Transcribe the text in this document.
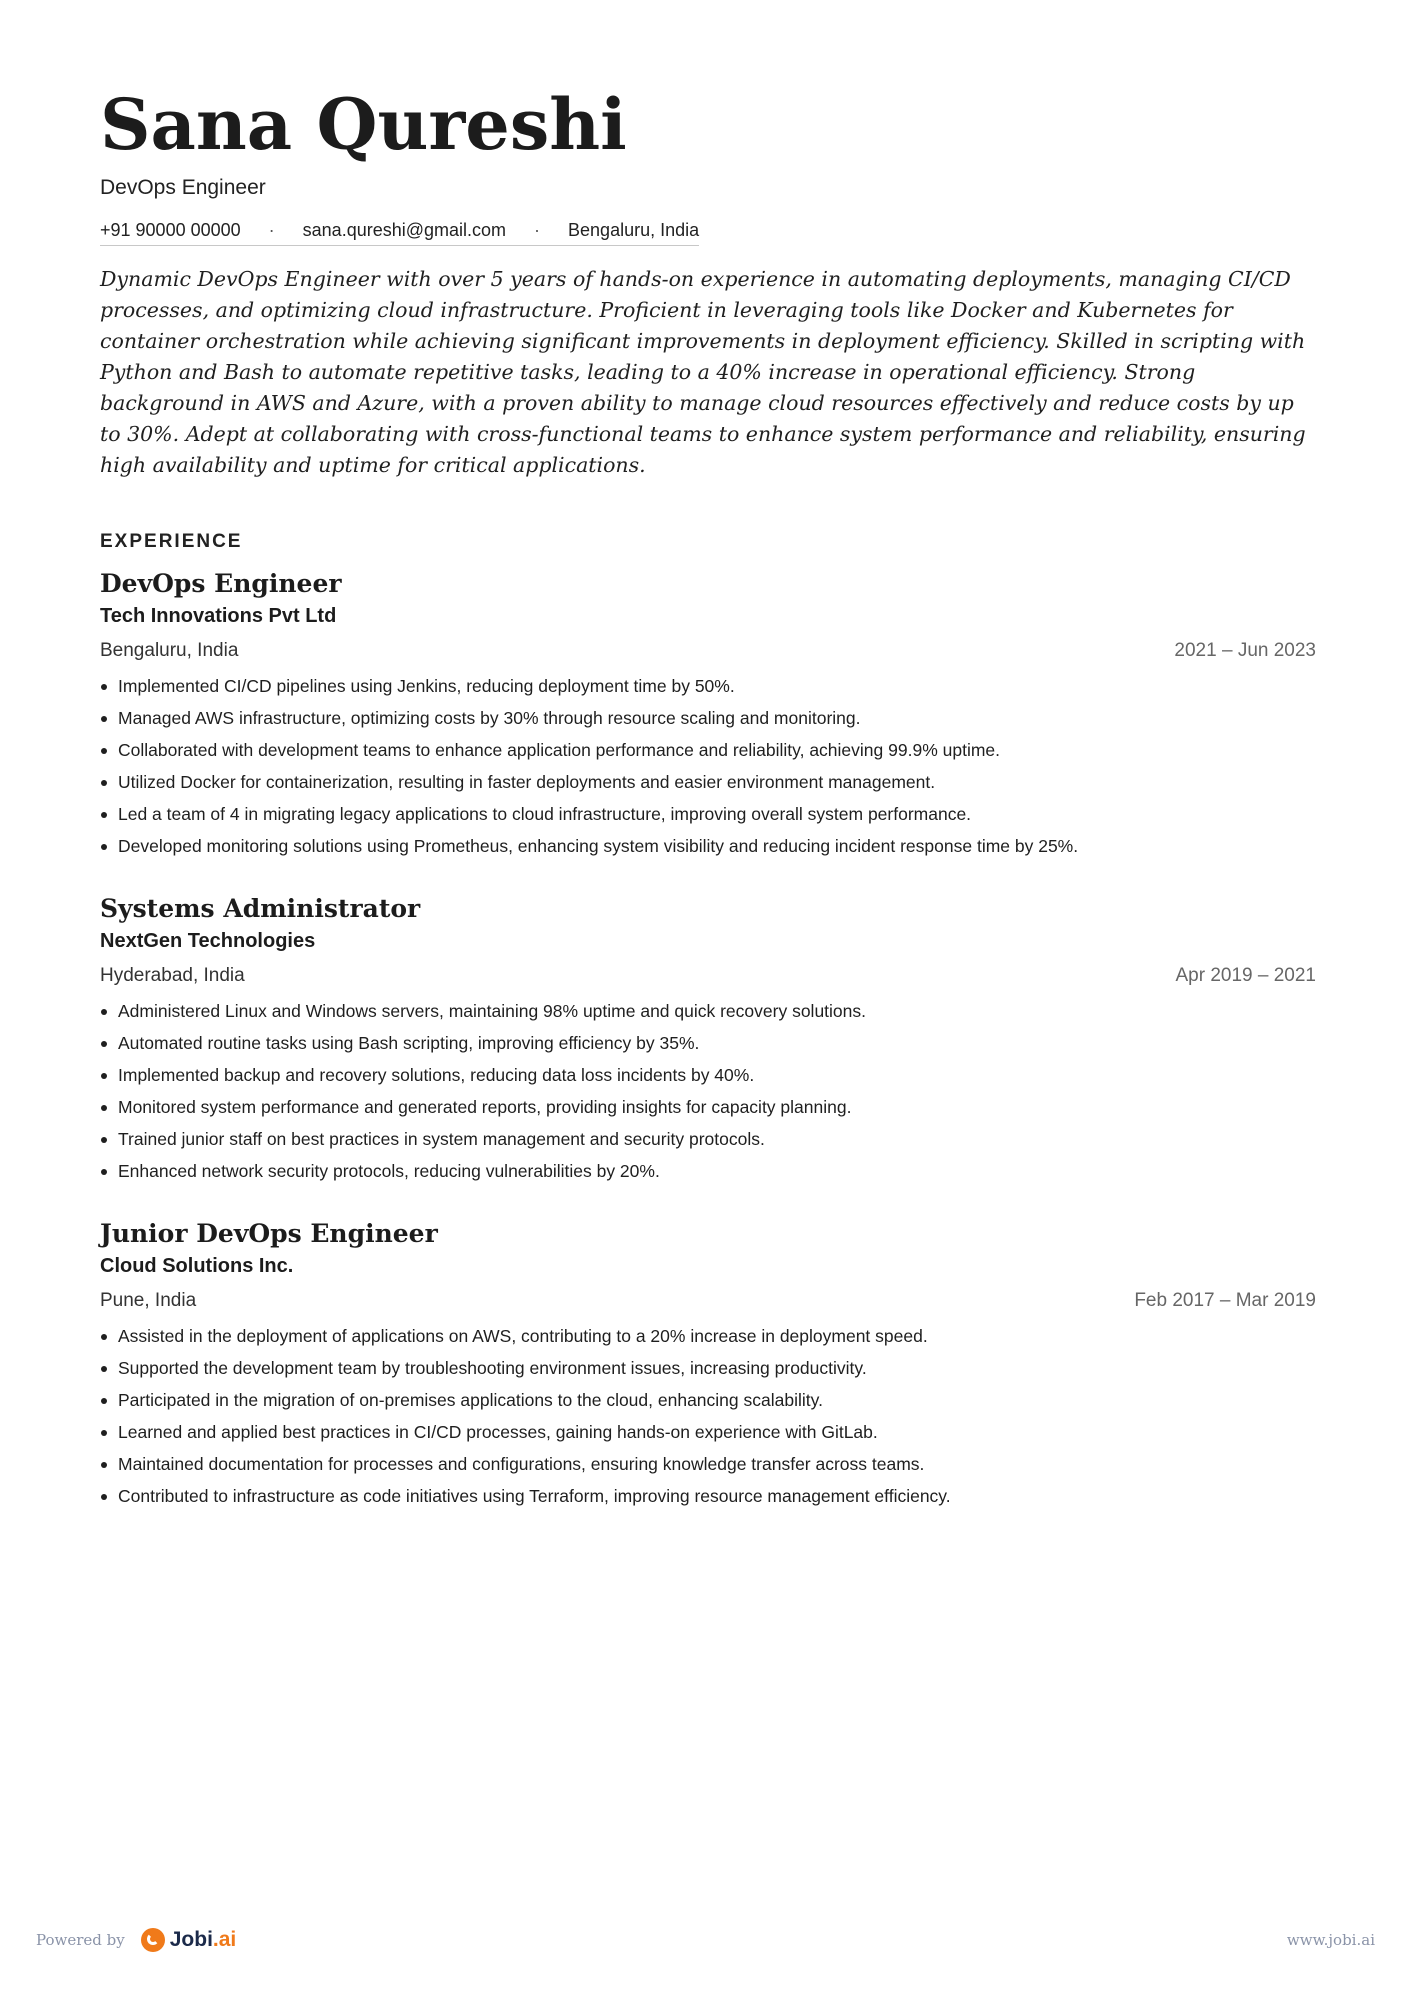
Sana Qureshi
DevOps Engineer
+91 90000 00000 · sana.qureshi@gmail.com · Bengaluru, India
Dynamic DevOps Engineer with over 5 years of hands-on experience in automating deployments, managing CI/CD processes, and optimizing cloud infrastructure. Proficient in leveraging tools like Docker and Kubernetes for container orchestration while achieving significant improvements in deployment efficiency. Skilled in scripting with Python and Bash to automate repetitive tasks, leading to a 40% increase in operational efficiency. Strong background in AWS and Azure, with a proven ability to manage cloud resources effectively and reduce costs by up to 30%. Adept at collaborating with cross-functional teams to enhance system performance and reliability, ensuring high availability and uptime for critical applications.
EXPERIENCE
DevOps Engineer
Tech Innovations Pvt Ltd
Bengaluru, India	2021 – Jun 2023
Implemented CI/CD pipelines using Jenkins, reducing deployment time by 50%.
Managed AWS infrastructure, optimizing costs by 30% through resource scaling and monitoring.
Collaborated with development teams to enhance application performance and reliability, achieving 99.9% uptime.
Utilized Docker for containerization, resulting in faster deployments and easier environment management.
Led a team of 4 in migrating legacy applications to cloud infrastructure, improving overall system performance.
Developed monitoring solutions using Prometheus, enhancing system visibility and reducing incident response time by 25%.
Systems Administrator
NextGen Technologies
Hyderabad, India	Apr 2019 – 2021
Administered Linux and Windows servers, maintaining 98% uptime and quick recovery solutions.
Automated routine tasks using Bash scripting, improving efficiency by 35%.
Implemented backup and recovery solutions, reducing data loss incidents by 40%.
Monitored system performance and generated reports, providing insights for capacity planning.
Trained junior staff on best practices in system management and security protocols.
Enhanced network security protocols, reducing vulnerabilities by 20%.
Junior DevOps Engineer
Cloud Solutions Inc.
Pune, India	Feb 2017 – Mar 2019
Assisted in the deployment of applications on AWS, contributing to a 20% increase in deployment speed.
Supported the development team by troubleshooting environment issues, increasing productivity.
Participated in the migration of on-premises applications to the cloud, enhancing scalability.
Learned and applied best practices in CI/CD processes, gaining hands-on experience with GitLab.
Maintained documentation for processes and configurations, ensuring knowledge transfer across teams.
Contributed to infrastructure as code initiatives using Terraform, improving resource management efficiency.
Powered by Jobi .ai	www.jobi.ai
